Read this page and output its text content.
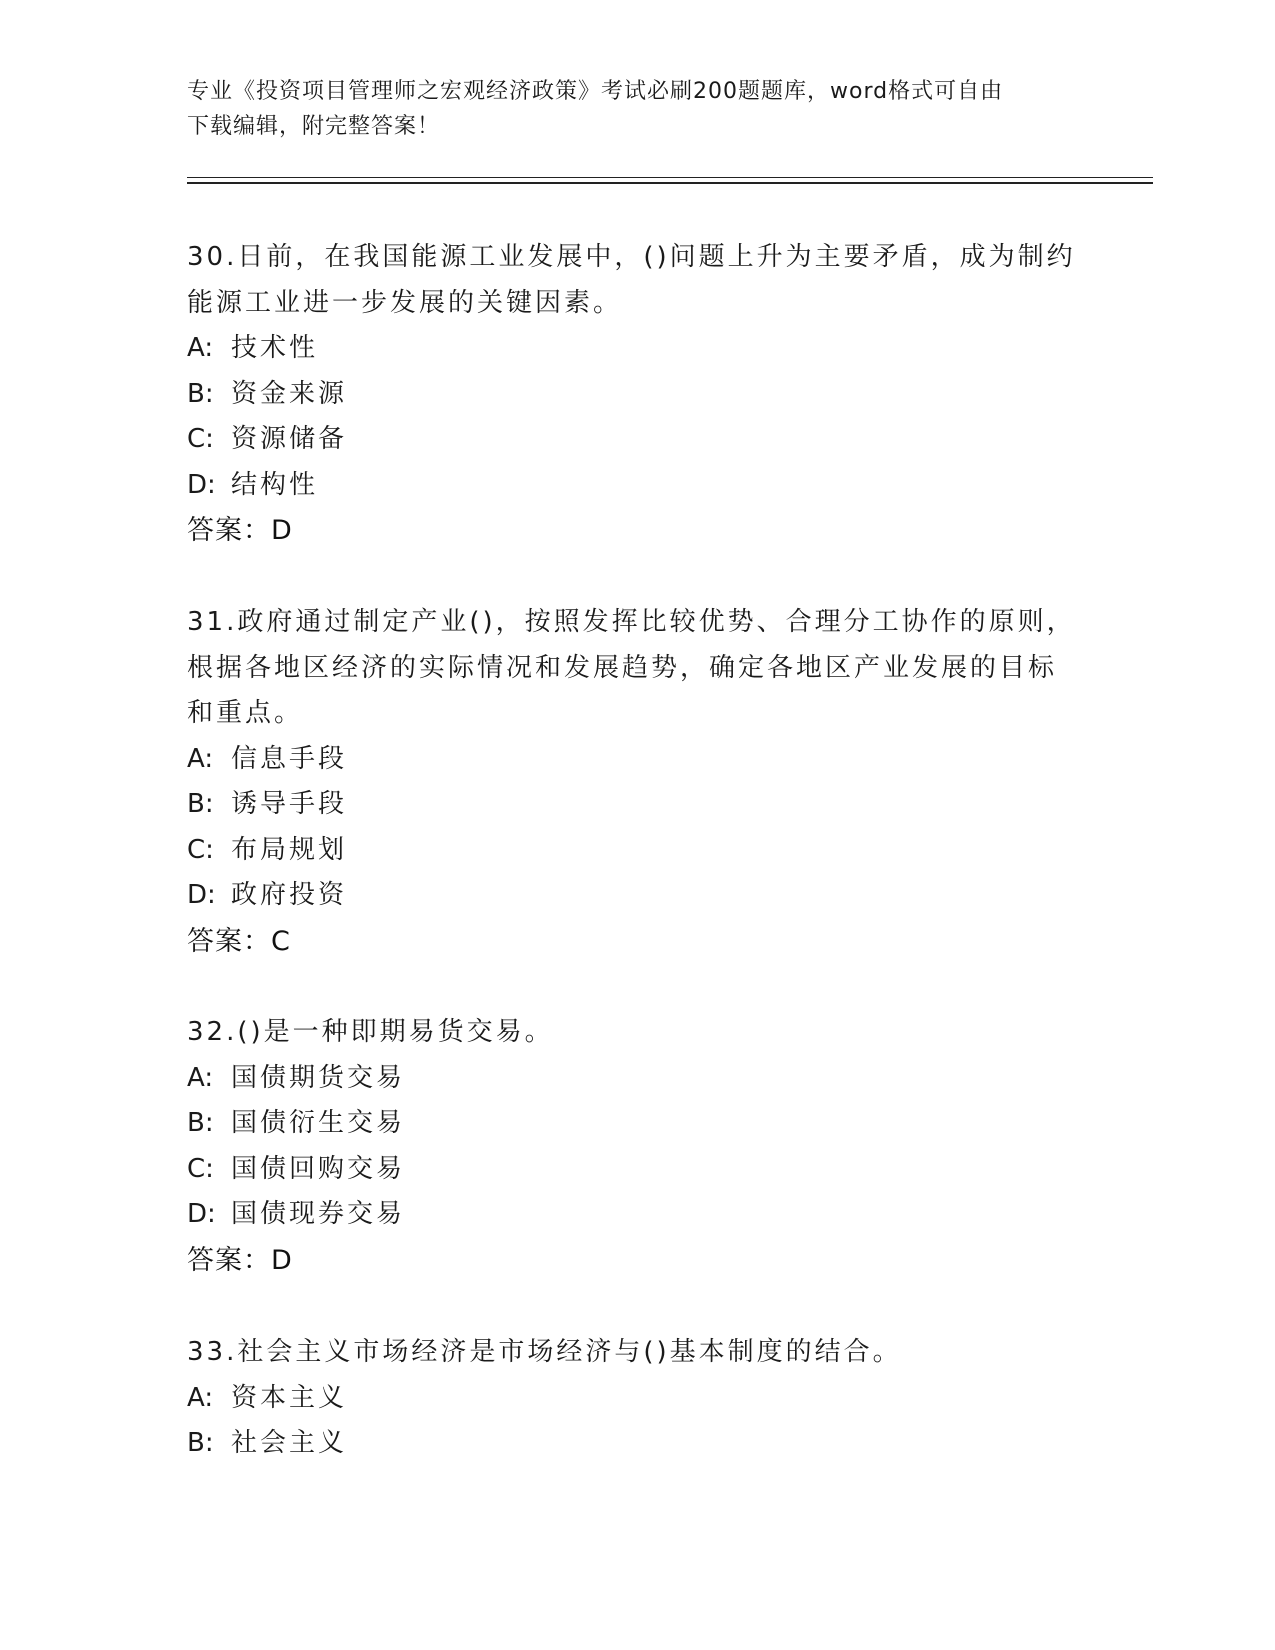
专业《投资项目管理师之宏观经济政策》考试必刷200题题库，word格式可自由
下载编辑，附完整答案！

30.日前，在我国能源工业发展中，()问题上升为主要矛盾，成为制约

能源工业进一步发展的关键因素。

A: 技术性

B: 资金来源

C: 资源储备

D: 结构性

答案：D

31.政府通过制定产业()，按照发挥比较优势、合理分工协作的原则，

根据各地区经济的实际情况和发展趋势，确定各地区产业发展的目标

和重点。

A: 信息手段

B: 诱导手段

C: 布局规划

D: 政府投资

答案：C

32.()是一种即期易货交易。

A: 国债期货交易

B: 国债衍生交易

C: 国债回购交易

D: 国债现券交易

答案：D

33.社会主义市场经济是市场经济与()基本制度的结合。

A: 资本主义

B: 社会主义
